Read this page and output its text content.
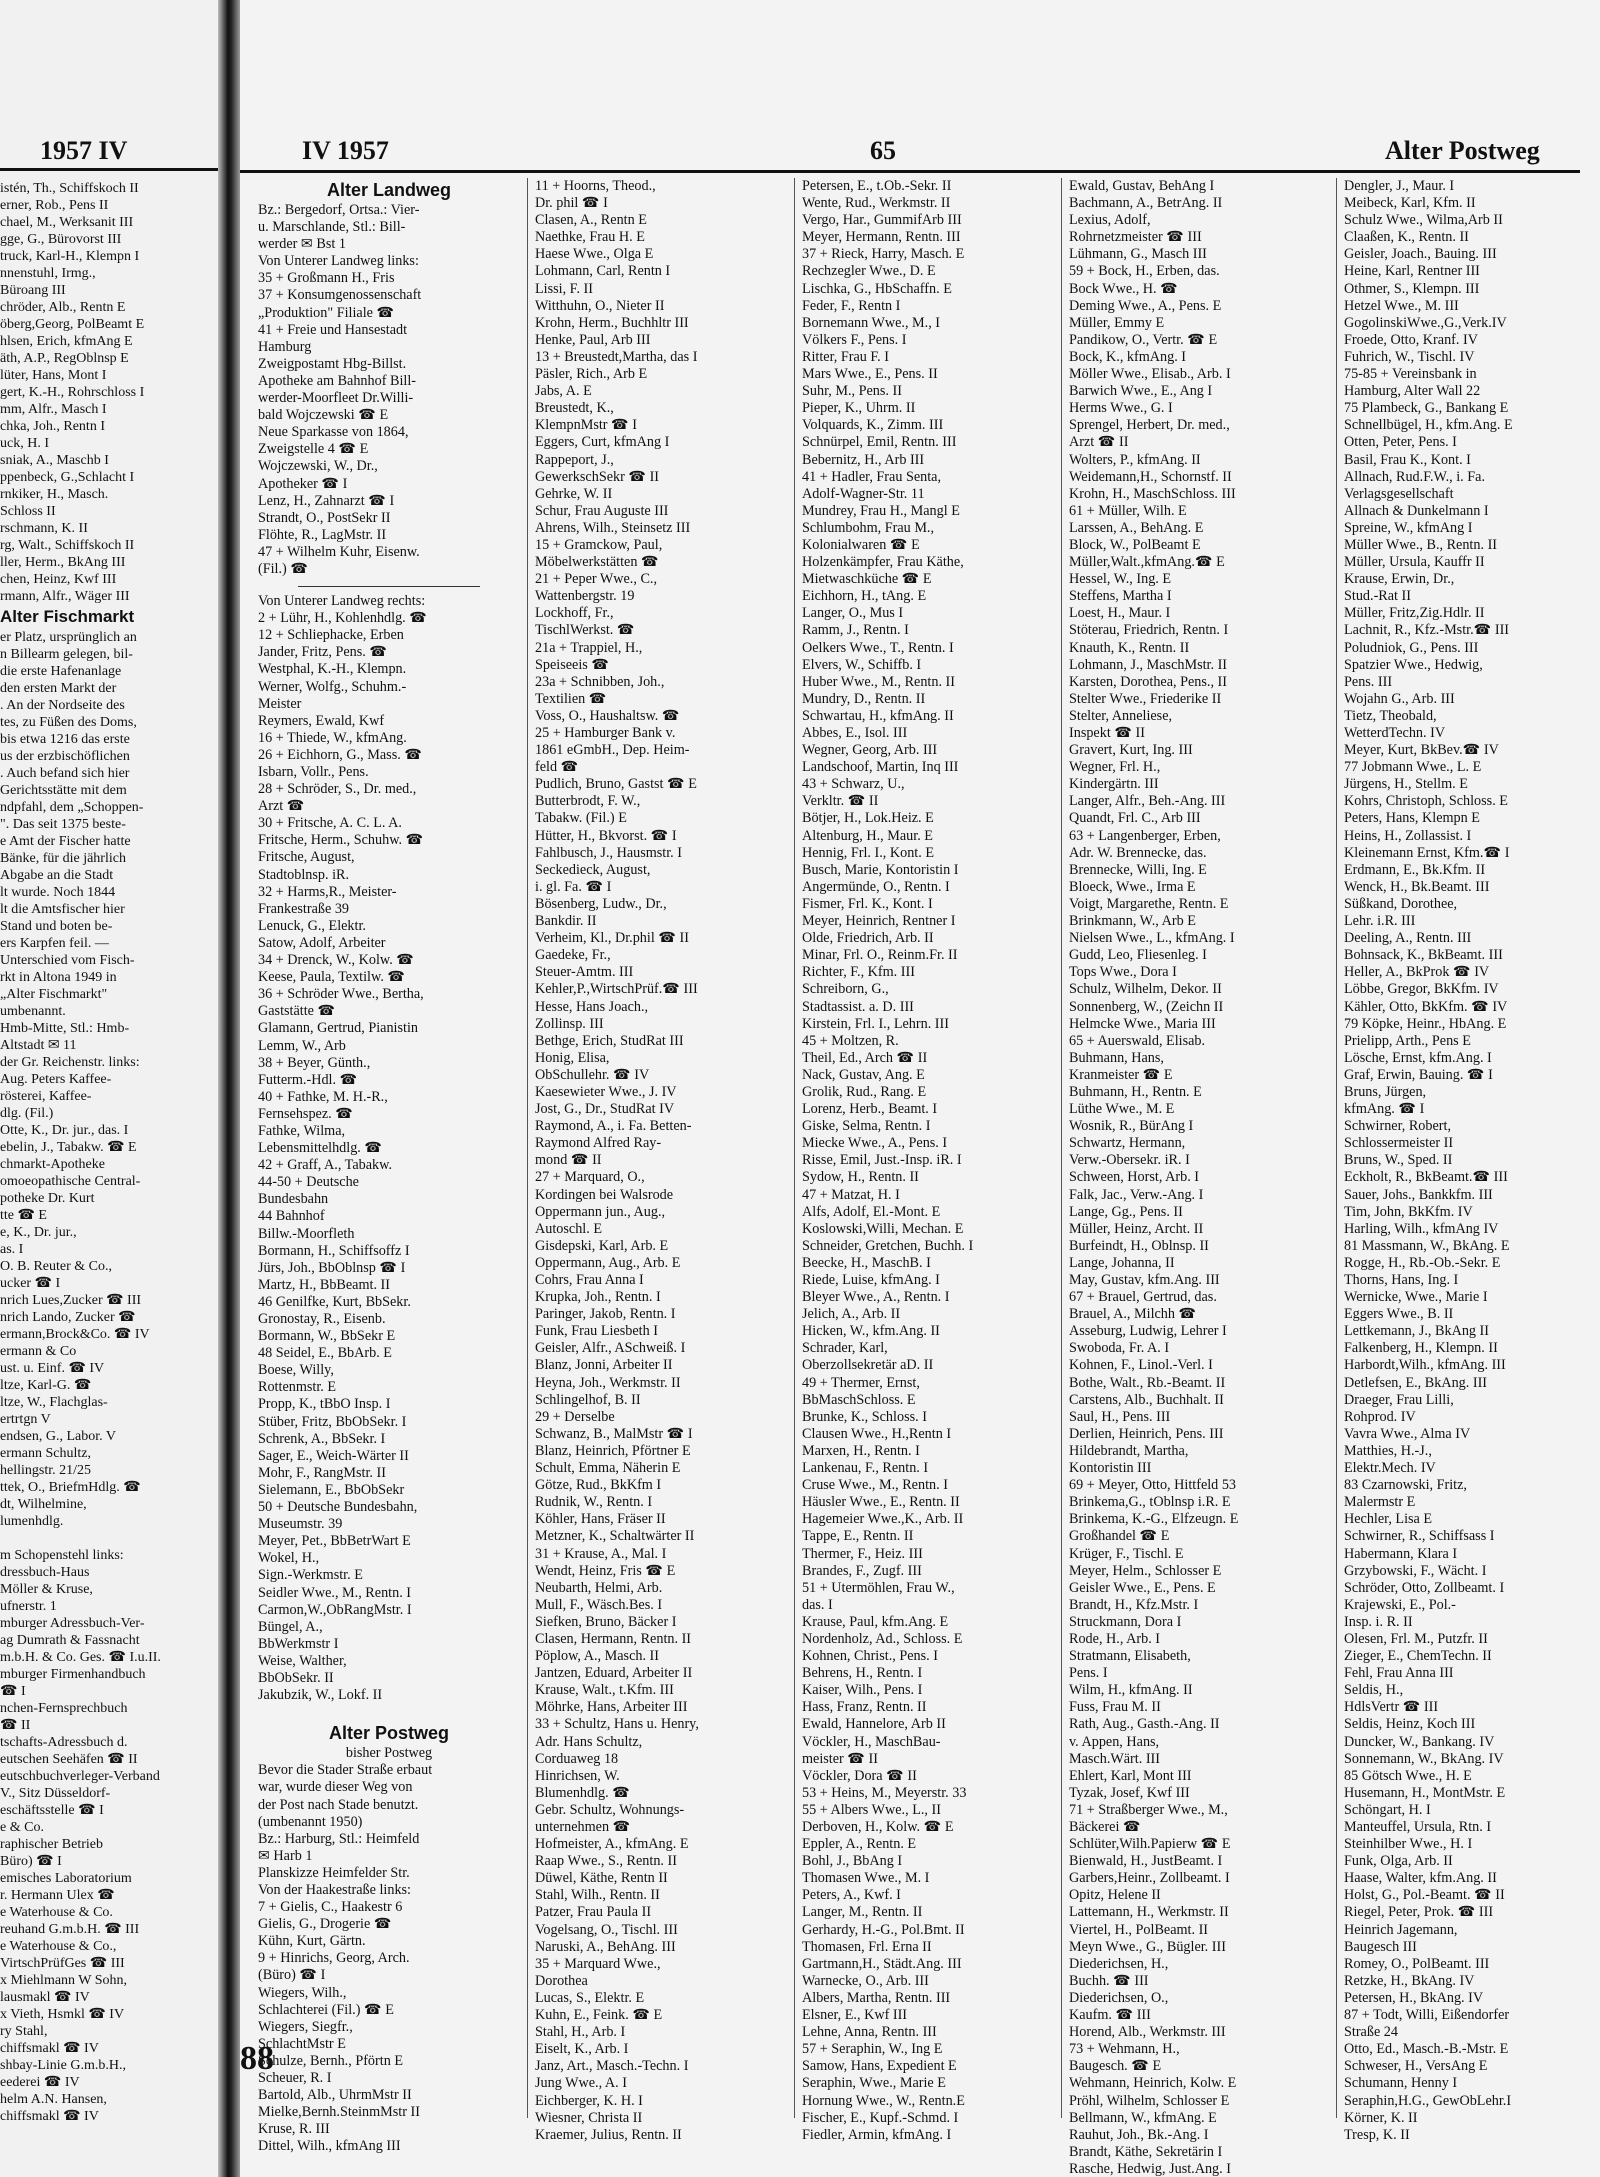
1957 IV
istén, Th., Schiffskoch II
erner, Rob., Pens II
chael, M., Werksanit III
gge, G., Bürovorst III
truck, Karl-H., Klempn I
nnenstuhl, Irmg.,
Büroang III
chröder, Alb., Rentn E
öberg,Georg, PolBeamt E
hlsen, Erich, kfmAng E
äth, A.P., RegOblnsp E
lüter, Hans, Mont I
gert, K.-H., Rohrschloss I
mm, Alfr., Masch I
chka, Joh., Rentn I
uck, H. I
sniak, A., Maschb I
ppenbeck, G.,Schlacht I
rnkiker, H., Masch.
Schloss II
rschmann, K. II
rg, Walt., Schiffskoch II
ller, Herm., BkAng III
chen, Heinz, Kwf III
rmann, Alfr., Wäger III
Alter Fischmarkt
er Platz, ursprünglich an
n Billearm gelegen, bil-
die erste Hafenanlage
den ersten Markt der
. An der Nordseite des
tes, zu Füßen des Doms,
bis etwa 1216 das erste
us der erzbischöflichen
. Auch befand sich hier
Gerichtsstätte mit dem
ndpfahl, dem „Schoppen-
". Das seit 1375 beste-
e Amt der Fischer hatte
Bänke, für die jährlich
Abgabe an die Stadt
lt wurde. Noch 1844
lt die Amtsfischer hier
Stand und boten be-
ers Karpfen feil. —
Unterschied vom Fisch-
rkt in Altona 1949 in
„Alter Fischmarkt"
umbenannt.
Hmb-Mitte, Stl.: Hmb-
Altstadt ✉ 11
der Gr. Reichenstr. links:
Aug. Peters Kaffee-
rösterei, Kaffee-
dlg. (Fil.)
Otte, K., Dr. jur., das. I
ebelin, J., Tabakw. ☎ E
chmarkt-Apotheke
omoeopathische Central-
potheke Dr. Kurt
tte ☎ E
e, K., Dr. jur.,
as. I
O. B. Reuter & Co.,
ucker ☎ I
nrich Lues,Zucker ☎ III
nrich Lando, Zucker ☎
ermann,Brock&Co. ☎ IV
ermann & Co
ust. u. Einf. ☎ IV
ltze, Karl-G. ☎
ltze, W., Flachglas-
ertrtgn V
endsen, G., Labor. V
ermann Schultz,
hellingstr. 21/25
ttek, O., BriefmHdlg. ☎
dt, Wilhelmine,
lumenhdlg.

m Schopenstehl links:
dressbuch-Haus
Möller & Kruse,
ufnerstr. 1
mburger Adressbuch-Ver-
ag Dumrath & Fassnacht
m.b.H. & Co. Ges. ☎ I.u.II.
mburger Firmenhandbuch
☎ I
nchen-Fernsprechbuch
☎ II
tschafts-Adressbuch d.
eutschen Seehäfen ☎ II
eutschbuchverleger-Verband
V., Sitz Düsseldorf-
eschäftsstelle ☎ I
e & Co.
raphischer Betrieb
Büro) ☎ I
emisches Laboratorium
r. Hermann Ulex ☎
e Waterhouse & Co.
reuhand G.m.b.H. ☎ III
e Waterhouse & Co.,
VirtschPrüfGes ☎ III
x Miehlmann W Sohn,
lausmakl ☎ IV
x Vieth, Hsmkl ☎ IV
ry Stahl,
chiffsmakl ☎ IV
shbay-Linie G.m.b.H.,
eederei ☎ IV
helm A.N. Hansen,
chiffsmakl ☎ IV
IV 1957	65	Alter Postweg
Alter Landweg
Bz.: Bergedorf, Ortsa.: Vier-
u. Marschlande, Stl.: Bill-
werder ✉ Bst 1
Von Unterer Landweg links:
35 + Großmann H., Fris
37 + Konsumgenossenschaft
„Produktion" Filiale ☎
41 + Freie und Hansestadt
Hamburg
Zweigpostamt Hbg-Billst.
Apotheke am Bahnhof Bill-
werder-Moorfleet Dr.Willi-
bald Wojczewski ☎ E
Neue Sparkasse von 1864,
Zweigstelle 4 ☎ E
Wojczewski, W., Dr.,
Apotheker ☎ I
Lenz, H., Zahnarzt ☎ I
Strandt, O., PostSekr II
Flöhte, R., LagMstr. II
47 + Wilhelm Kuhr, Eisenw.
(Fil.) ☎
Von Unterer Landweg rechts:
2 + Lühr, H., Kohlenhdlg. ☎
12 + Schliephacke, Erben
Jander, Fritz, Pens. ☎
Westphal, K.-H., Klempn.
Werner, Wolfg., Schuhm.-
Meister
Reymers, Ewald, Kwf
16 + Thiede, W., kfmAng.
26 + Eichhorn, G., Mass. ☎
Isbarn, Vollr., Pens.
28 + Schröder, S., Dr. med.,
Arzt ☎
30 + Fritsche, A. C. L. A.
Fritsche, Herm., Schuhw. ☎
Fritsche, August,
Stadtoblnsp. iR.
32 + Harms,R., Meister-
Frankestraße 39
Lenuck, G., Elektr.
Satow, Adolf, Arbeiter
34 + Drenck, W., Kolw. ☎
Keese, Paula, Textilw. ☎
36 + Schröder Wwe., Bertha,
Gaststätte ☎
Glamann, Gertrud, Pianistin
Lemm, W., Arb
38 + Beyer, Günth.,
Futterm.-Hdl. ☎
40 + Fathke, M. H.-R.,
Fernsehspez. ☎
Fathke, Wilma,
Lebensmittelhdlg. ☎
42 + Graff, A., Tabakw.
44-50 + Deutsche
Bundesbahn
44 Bahnhof
Billw.-Moorfleth
Bormann, H., Schiffsoffz I
Jürs, Joh., BbOblnsp ☎ I
Martz, H., BbBeamt. II
46 Genilfke, Kurt, BbSekr.
Gronostay, R., Eisenb.
Bormann, W., BbSekr E
48 Seidel, E., BbArb. E
Boese, Willy,
Rottenmstr. E
Propp, K., tBbO Insp. I
Stüber, Fritz, BbObSekr. I
Schrenk, A., BbSekr. I
Sager, E., Weich-Wärter II
Mohr, F., RangMstr. II
Sielemann, E., BbObSekr
50 + Deutsche Bundesbahn,
Museumstr. 39
Meyer, Pet., BbBetrWart E
Wokel, H.,
Sign.-Werkmstr. E
Seidler Wwe., M., Rentn. I
Carmon,W.,ObRangMstr. I
Büngel, A.,
BbWerkmstr I
Weise, Walther,
BbObSekr. II
Jakubzik, W., Lokf. II

Alter Postweg
bisher Postweg
Bevor die Stader Straße erbaut
war, wurde dieser Weg von
der Post nach Stade benutzt.
(umbenannt 1950)
Bz.: Harburg, Stl.: Heimfeld
✉ Harb 1
Planskizze Heimfelder Str.
Von der Haakestraße links:
7 + Gielis, C., Haakestr 6
Gielis, G., Drogerie ☎
Kühn, Kurt, Gärtn.
9 + Hinrichs, Georg, Arch.
(Büro) ☎ I
Wiegers, Wilh.,
Schlachterei (Fil.) ☎ E
Wiegers, Siegfr.,
SchlachtMstr E
Schulze, Bernh., Pförtn E
Scheuer, R. I
Bartold, Alb., UhrmMstr II
Mielke,Bernh.SteinmMstr II
Kruse, R. III
Dittel, Wilh., kfmAng III
11 + Hoorns, Theod.,
Dr. phil ☎ I
Clasen, A., Rentn E
Naethke, Frau H. E
Haese Wwe., Olga E
Lohmann, Carl, Rentn I
Lissi, F. II
Witthuhn, O., Nieter II
Krohn, Herm., Buchhltr III
Henke, Paul, Arb III
13 + Breustedt,Martha, das I
Päsler, Rich., Arb E
Jabs, A. E
Breustedt, K.,
KlempnMstr ☎ I
Eggers, Curt, kfmAng I
Rappeport, J.,
GewerkschSekr ☎ II
Gehrke, W. II
Schur, Frau Auguste III
Ahrens, Wilh., Steinsetz III
15 + Gramckow, Paul,
Möbelwerkstätten ☎
21 + Peper Wwe., C.,
Wattenbergstr. 19
Lockhoff, Fr.,
TischlWerkst. ☎
21a + Trappiel, H.,
Speiseeis ☎
23a + Schnibben, Joh.,
Textilien ☎
Voss, O., Haushaltsw. ☎
25 + Hamburger Bank v.
1861 eGmbH., Dep. Heim-
feld ☎
Pudlich, Bruno, Gastst ☎ E
Butterbrodt, F. W.,
Tabakw. (Fil.) E
Hütter, H., Bkvorst. ☎ I
Fahlbusch, J., Hausmstr. I
Seckedieck, August,
i. gl. Fa. ☎ I
Bösenberg, Ludw., Dr.,
Bankdir. II
Verheim, Kl., Dr.phil ☎ II
Gaedeke, Fr.,
Steuer-Amtm. III
Kehler,P.,WirtschPrüf.☎ III
Hesse, Hans Joach.,
Zollinsp. III
Bethge, Erich, StudRat III
Honig, Elisa,
ObSchullehr. ☎ IV
Kaesewieter Wwe., J. IV
Jost, G., Dr., StudRat IV
Raymond, A., i. Fa. Betten-
Raymond Alfred Ray-
mond ☎ II
27 + Marquard, O.,
Kordingen bei Walsrode
Oppermann jun., Aug.,
Autoschl. E
Gisdepski, Karl, Arb. E
Oppermann, Aug., Arb. E
Cohrs, Frau Anna I
Krupka, Joh., Rentn. I
Paringer, Jakob, Rentn. I
Funk, Frau Liesbeth I
Geisler, Alfr., ASchweiß. I
Blanz, Jonni, Arbeiter II
Heyna, Joh., Werkmstr. II
Schlingelhof, B. II
29 + Derselbe
Schwanz, B., MalMstr ☎ I
Blanz, Heinrich, Pförtner E
Schult, Emma, Näherin E
Götze, Rud., BkKfm I
Rudnik, W., Rentn. I
Köhler, Hans, Fräser II
Metzner, K., Schaltwärter II
31 + Krause, A., Mal. I
Wendt, Heinz, Fris ☎ E
Neubarth, Helmi, Arb.
Mull, F., Wäsch.Bes. I
Siefken, Bruno, Bäcker I
Clasen, Hermann, Rentn. II
Pöplow, A., Masch. II
Jantzen, Eduard, Arbeiter II
Krause, Walt., t.Kfm. III
Möhrke, Hans, Arbeiter III
33 + Schultz, Hans u. Henry,
Adr. Hans Schultz,
Corduaweg 18
Hinrichsen, W.
Blumenhdlg. ☎
Gebr. Schultz, Wohnungs-
unternehmen ☎
Hofmeister, A., kfmAng. E
Raap Wwe., S., Rentn. II
Düwel, Käthe, Rentn II
Stahl, Wilh., Rentn. II
Patzer, Frau Paula II
Vogelsang, O., Tischl. III
Naruski, A., BehAng. III
35 + Marquard Wwe.,
Dorothea
Lucas, S., Elektr. E
Kuhn, E., Feink. ☎ E
Stahl, H., Arb. I
Eiselt, K., Arb. I
Janz, Art., Masch.-Techn. I
Jung Wwe., A. I
Eichberger, K. H. I
Wiesner, Christa II
Kraemer, Julius, Rentn. II
Petersen, E., t.Ob.-Sekr. II
Wente, Rud., Werkmstr. II
Vergo, Har., GummifArb III
Meyer, Hermann, Rentn. III
37 + Rieck, Harry, Masch. E
Rechzegler Wwe., D. E
Lischka, G., HbSchaffn. E
Feder, F., Rentn I
Bornemann Wwe., M., I
Völkers F., Pens. I
Ritter, Frau F. I
Mars Wwe., E., Pens. II
Suhr, M., Pens. II
Pieper, K., Uhrm. II
Volquards, K., Zimm. III
Schnürpel, Emil, Rentn. III
Bebernitz, H., Arb III
41 + Hadler, Frau Senta,
Adolf-Wagner-Str. 11
Mundrey, Frau H., Mangl E
Schlumbohm, Frau M.,
Kolonialwaren ☎ E
Holzenkämpfer, Frau Käthe,
Mietwaschküche ☎ E
Eichhorn, H., tAng. E
Langer, O., Mus I
Ramm, J., Rentn. I
Oelkers Wwe., T., Rentn. I
Elvers, W., Schiffb. I
Huber Wwe., M., Rentn. II
Mundry, D., Rentn. II
Schwartau, H., kfmAng. II
Abbes, E., Isol. III
Wegner, Georg, Arb. III
Landschoof, Martin, Inq III
43 + Schwarz, U.,
Verkltr. ☎ II
Bötjer, H., Lok.Heiz. E
Altenburg, H., Maur. E
Hennig, Frl. I., Kont. E
Busch, Marie, Kontoristin I
Angermünde, O., Rentn. I
Fismer, Frl. K., Kont. I
Meyer, Heinrich, Rentner I
Olde, Friedrich, Arb. II
Minar, Frl. O., Reinm.Fr. II
Richter, F., Kfm. III
Schreiborn, G.,
Stadtassist. a. D. III
Kirstein, Frl. I., Lehrn. III
45 + Moltzen, R.
Theil, Ed., Arch ☎ II
Nack, Gustav, Ang. E
Grolik, Rud., Rang. E
Lorenz, Herb., Beamt. I
Giske, Selma, Rentn. I
Miecke Wwe., A., Pens. I
Risse, Emil, Just.-Insp. iR. I
Sydow, H., Rentn. II
47 + Matzat, H. I
Alfs, Adolf, El.-Mont. E
Koslowski,Willi, Mechan. E
Schneider, Gretchen, Buchh. I
Beecke, H., MaschB. I
Riede, Luise, kfmAng. I
Bleyer Wwe., A., Rentn. I
Jelich, A., Arb. II
Hicken, W., kfm.Ang. II
Schrader, Karl,
Oberzollsekretär aD. II
49 + Thermer, Ernst,
BbMaschSchloss. E
Brunke, K., Schloss. I
Clausen Wwe., H.,Rentn I
Marxen, H., Rentn. I
Lankenau, F., Rentn. I
Cruse Wwe., M., Rentn. I
Häusler Wwe., E., Rentn. II
Hagemeier Wwe.,K., Arb. II
Tappe, E., Rentn. II
Thermer, F., Heiz. III
Brandes, F., Zugf. III
51 + Utermöhlen, Frau W.,
das. I
Krause, Paul, kfm.Ang. E
Nordenholz, Ad., Schloss. E
Kohnen, Christ., Pens. I
Behrens, H., Rentn. I
Kaiser, Wilh., Pens. I
Hass, Franz, Rentn. II
Ewald, Hannelore, Arb II
Vöckler, H., MaschBau-
meister ☎ II
Vöckler, Dora ☎ II
53 + Heins, M., Meyerstr. 33
55 + Albers Wwe., L., II
Derboven, H., Kolw. ☎ E
Eppler, A., Rentn. E
Bohl, J., BbAng I
Thomasen Wwe., M. I
Peters, A., Kwf. I
Langer, M., Rentn. II
Gerhardy, H.-G., Pol.Bmt. II
Thomasen, Frl. Erna II
Gartmann,H., Städt.Ang. III
Warnecke, O., Arb. III
Albers, Martha, Rentn. III
Elsner, E., Kwf III
Lehne, Anna, Rentn. III
57 + Seraphin, W., Ing E
Samow, Hans, Expedient E
Seraphin, Wwe., Marie E
Hornung Wwe., W., Rentn.E
Fischer, E., Kupf.-Schmd. I
Fiedler, Armin, kfmAng. I
Ewald, Gustav, BehAng I
Bachmann, A., BetrAng. II
Lexius, Adolf,
Rohrnetzmeister ☎ III
Lühmann, G., Masch III
59 + Bock, H., Erben, das.
Bock Wwe., H. ☎
Deming Wwe., A., Pens. E
Müller, Emmy E
Pandikow, O., Vertr. ☎ E
Bock, K., kfmAng. I
Möller Wwe., Elisab., Arb. I
Barwich Wwe., E., Ang I
Herms Wwe., G. I
Sprengel, Herbert, Dr. med.,
Arzt ☎ II
Wolters, P., kfmAng. II
Weidemann,H., Schornstf. II
Krohn, H., MaschSchloss. III
61 + Müller, Wilh. E
Larssen, A., BehAng. E
Block, W., PolBeamt E
Müller,Walt.,kfmAng.☎ E
Hessel, W., Ing. E
Steffens, Martha I
Loest, H., Maur. I
Stöterau, Friedrich, Rentn. I
Knauth, K., Rentn. II
Lohmann, J., MaschMstr. II
Karsten, Dorothea, Pens., II
Stelter Wwe., Friederike II
Stelter, Anneliese,
Inspekt ☎ II
Gravert, Kurt, Ing. III
Wegner, Frl. H.,
Kindergärtn. III
Langer, Alfr., Beh.-Ang. III
Quandt, Frl. C., Arb III
63 + Langenberger, Erben,
Adr. W. Brennecke, das.
Brennecke, Willi, Ing. E
Bloeck, Wwe., Irma E
Voigt, Margarethe, Rentn. E
Brinkmann, W., Arb E
Nielsen Wwe., L., kfmAng. I
Gudd, Leo, Fliesenleg. I
Tops Wwe., Dora I
Schulz, Wilhelm, Dekor. II
Sonnenberg, W., (Zeichn II
Helmcke Wwe., Maria III
65 + Auerswald, Elisab.
Buhmann, Hans,
Kranmeister ☎ E
Buhmann, H., Rentn. E
Lüthe Wwe., M. E
Wosnik, R., BürAng I
Schwartz, Hermann,
Verw.-Obersekr. iR. I
Schween, Horst, Arb. I
Falk, Jac., Verw.-Ang. I
Lange, Gg., Pens. II
Müller, Heinz, Archt. II
Burfeindt, H., Oblnsp. II
Lange, Johanna, II
May, Gustav, kfm.Ang. III
67 + Brauel, Gertrud, das.
Brauel, A., Milchh ☎
Asseburg, Ludwig, Lehrer I
Swoboda, Fr. A. I
Kohnen, F., Linol.-Verl. I
Bothe, Walt., Rb.-Beamt. II
Carstens, Alb., Buchhalt. II
Saul, H., Pens. III
Derlien, Heinrich, Pens. III
Hildebrandt, Martha,
Kontoristin III
69 + Meyer, Otto, Hittfeld 53
Brinkema,G., tOblnsp i.R. E
Brinkema, K.-G., Elfzeugn. E
Großhandel ☎ E
Krüger, F., Tischl. E
Meyer, Helm., Schlosser E
Geisler Wwe., E., Pens. E
Brandt, H., Kfz.Mstr. I
Struckmann, Dora I
Rode, H., Arb. I
Stratmann, Elisabeth,
Pens. I
Wilm, H., kfmAng. II
Fuss, Frau M. II
Rath, Aug., Gasth.-Ang. II
v. Appen, Hans,
Masch.Wärt. III
Ehlert, Karl, Mont III
Tyzak, Josef, Kwf III
71 + Straßberger Wwe., M.,
Bäckerei ☎
Schlüter,Wilh.Papierw ☎ E
Bienwald, H., JustBeamt. I
Garbers,Heinr., Zollbeamt. I
Opitz, Helene II
Lattemann, H., Werkmstr. II
Viertel, H., PolBeamt. II
Meyn Wwe., G., Bügler. III
Diederichsen, H.,
Buchh. ☎ III
Diederichsen, O.,
Kaufm. ☎ III
Horend, Alb., Werkmstr. III
73 + Wehmann, H.,
Baugesch. ☎ E
Wehmann, Heinrich, Kolw. E
Pröhl, Wilhelm, Schlosser E
Bellmann, W., kfmAng. E
Rauhut, Joh., Bk.-Ang. I
Brandt, Käthe, Sekretärin I
Rasche, Hedwig, Just.Ang. I
Dengler, J., Maur. I
Meibeck, Karl, Kfm. II
Schulz Wwe., Wilma,Arb II
Claaßen, K., Rentn. II
Geisler, Joach., Bauing. III
Heine, Karl, Rentner III
Othmer, S., Klempn. III
Hetzel Wwe., M. III
GogolinskiWwe.,G.,Verk.IV
Froede, Otto, Kranf. IV
Fuhrich, W., Tischl. IV
75-85 + Vereinsbank in
Hamburg, Alter Wall 22
75 Plambeck, G., Bankang E
Schnellbügel, H., kfm.Ang. E
Otten, Peter, Pens. I
Basil, Frau K., Kont. I
Allnach, Rud.F.W., i. Fa.
Verlagsgesellschaft
Allnach & Dunkelmann I
Spreine, W., kfmAng I
Müller Wwe., B., Rentn. II
Müller, Ursula, Kauffr II
Krause, Erwin, Dr.,
Stud.-Rat II
Müller, Fritz,Zig.Hdlr. II
Lachnit, R., Kfz.-Mstr.☎ III
Poludniok, G., Pens. III
Spatzier Wwe., Hedwig,
Pens. III
Wojahn G., Arb. III
Tietz, Theobald,
WetterdTechn. IV
Meyer, Kurt, BkBev.☎ IV
77 Jobmann Wwe., L. E
Jürgens, H., Stellm. E
Kohrs, Christoph, Schloss. E
Peters, Hans, Klempn E
Heins, H., Zollassist. I
Kleinemann Ernst, Kfm.☎ I
Erdmann, E., Bk.Kfm. II
Wenck, H., Bk.Beamt. III
Süßkand, Dorothee,
Lehr. i.R. III
Deeling, A., Rentn. III
Bohnsack, K., BkBeamt. III
Heller, A., BkProk ☎ IV
Löbbe, Gregor, BkKfm. IV
Kähler, Otto, BkKfm. ☎ IV
79 Köpke, Heinr., HbAng. E
Prielipp, Arth., Pens E
Lösche, Ernst, kfm.Ang. I
Graf, Erwin, Bauing. ☎ I
Bruns, Jürgen,
kfmAng. ☎ I
Schwirner, Robert,
Schlossermeister II
Bruns, W., Sped. II
Eckholt, R., BkBeamt.☎ III
Sauer, Johs., Bankkfm. III
Tim, John, BkKfm. IV
Harling, Wilh., kfmAng IV
81 Massmann, W., BkAng. E
Rogge, H., Rb.-Ob.-Sekr. E
Thorns, Hans, Ing. I
Wernicke, Wwe., Marie I
Eggers Wwe., B. II
Lettkemann, J., BkAng II
Falkenberg, H., Klempn. II
Harbordt,Wilh., kfmAng. III
Detlefsen, E., BkAng. III
Draeger, Frau Lilli,
Rohprod. IV
Vavra Wwe., Alma IV
Matthies, H.-J.,
Elektr.Mech. IV
83 Czarnowski, Fritz,
Malermstr E
Hechler, Lisa E
Schwirner, R., Schiffsass I
Habermann, Klara I
Grzybowski, F., Wächt. I
Schröder, Otto, Zollbeamt. I
Krajewski, E., Pol.-
Insp. i. R. II
Olesen, Frl. M., Putzfr. II
Zieger, E., ChemTechn. II
Fehl, Frau Anna III
Seldis, H.,
HdlsVertr ☎ III
Seldis, Heinz, Koch III
Duncker, W., Bankang. IV
Sonnemann, W., BkAng. IV
85 Götsch Wwe., H. E
Husemann, H., MontMstr. E
Schöngart, H. I
Manteuffel, Ursula, Rtn. I
Steinhilber Wwe., H. I
Funk, Olga, Arb. II
Haase, Walter, kfm.Ang. II
Holst, G., Pol.-Beamt. ☎ II
Riegel, Peter, Prok. ☎ III
Heinrich Jagemann,
Baugesch III
Romey, O., PolBeamt. III
Retzke, H., BkAng. IV
Petersen, H., BkAng. IV
87 + Todt, Willi, Eißendorfer
Straße 24
Otto, Ed., Masch.-B.-Mstr. E
Schweser, H., VersAng E
Schumann, Henny I
Seraphin,H.G., GewObLehr.I
Körner, K. II
Tresp, K. II
88
